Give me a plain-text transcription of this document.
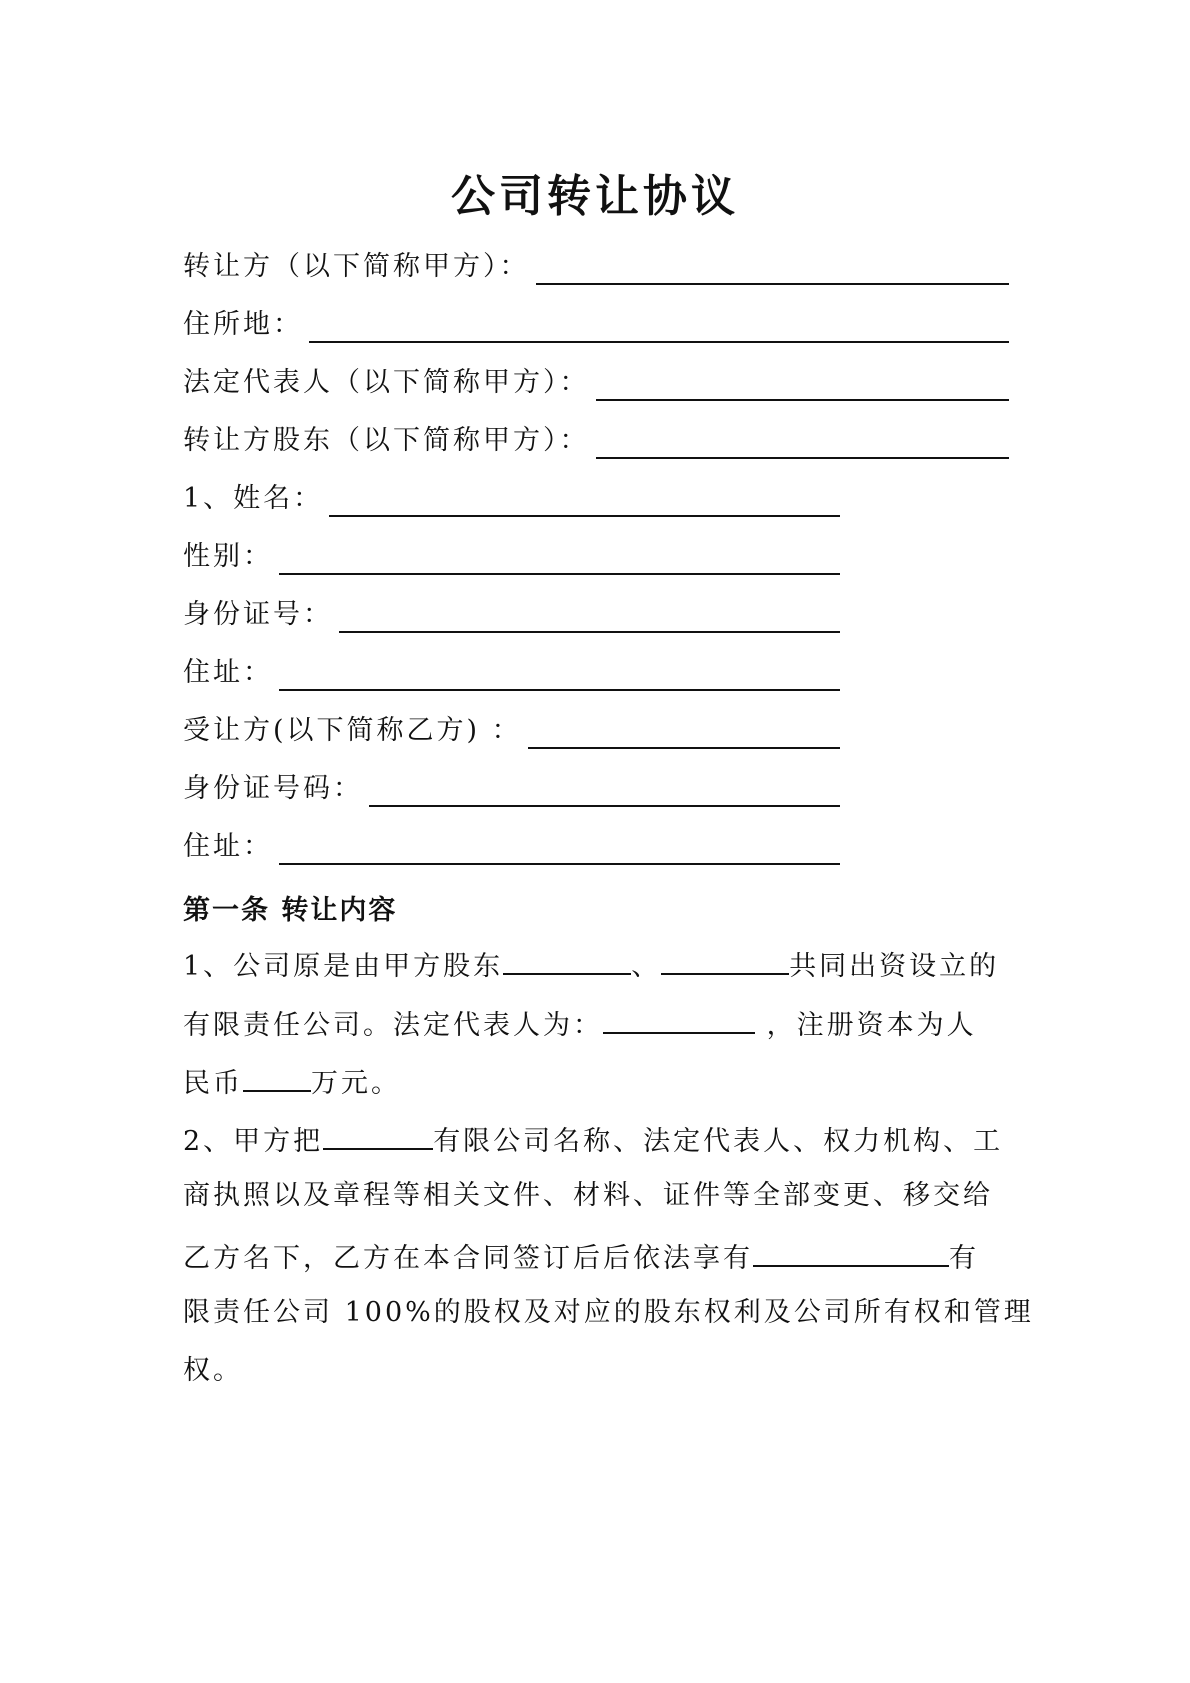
公司转让协议
转让方（以下简称甲方）：
住所地：
法定代表人（以下简称甲方）：
转让方股东（以下简称甲方）：
1、姓名：
性别：
身份证号：
住址：
受让方(以下简称乙方) ：
身份证号码：
住址：
第一条 转让内容
1、公司原是由甲方股东	、	共同出资设立的
有限责任公司。法定代表人为：	，注册资本为人
民币	万元。
2、甲方把	有限公司名称、法定代表人、权力机构、工
商执照以及章程等相关文件、材料、证件等全部变更、移交给
乙方名下，乙方在本合同签订后后依法享有	有
限责任公司 100%的股权及对应的股东权利及公司所有权和管理
权。
